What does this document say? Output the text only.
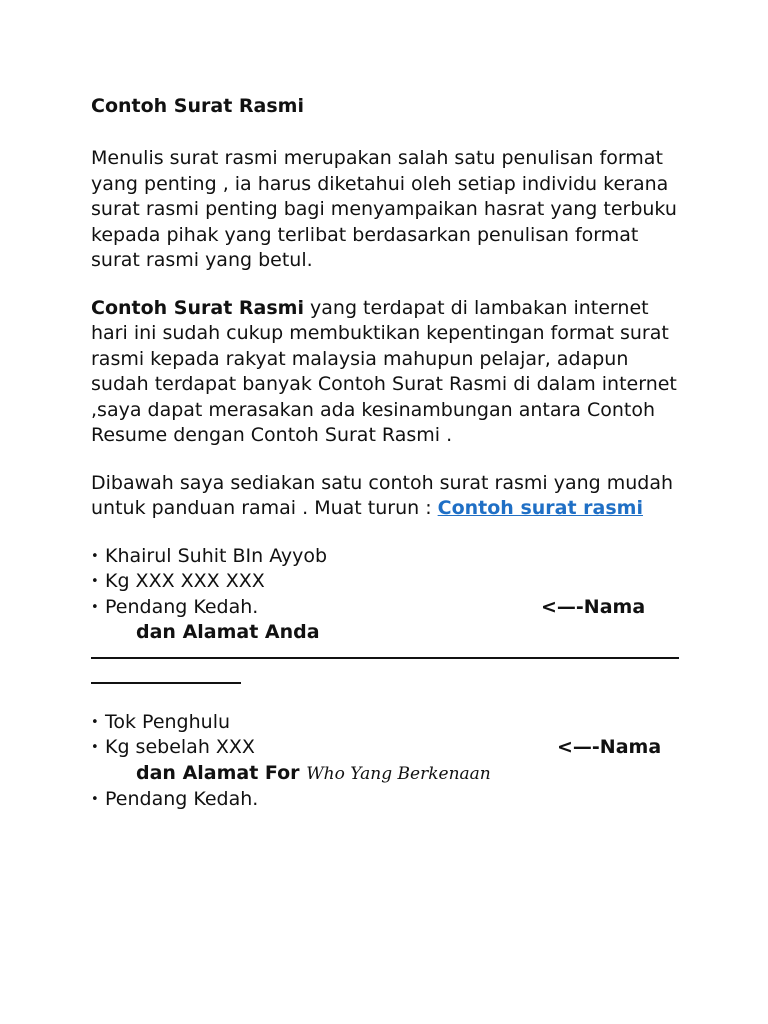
Contoh Surat Rasmi

Menulis surat rasmi merupakan salah satu penulisan format yang penting , ia harus diketahui oleh setiap individu kerana surat rasmi penting bagi menyampaikan hasrat yang terbuku kepada pihak yang terlibat berdasarkan penulisan format surat rasmi yang betul.

Contoh Surat Rasmi yang terdapat di lambakan internet hari ini sudah cukup membuktikan kepentingan format surat rasmi kepada rakyat malaysia mahupun pelajar, adapun sudah terdapat banyak Contoh Surat Rasmi di dalam internet ,saya dapat merasakan ada kesinambungan antara Contoh Resume dengan Contoh Surat Rasmi .

Dibawah saya sediakan satu contoh surat rasmi yang mudah untuk panduan ramai . Muat turun : Contoh surat rasmi

• Khairul Suhit BIn Ayyob
• Kg XXX XXX XXX
• Pendang Kedah.	<—-Nama
dan Alamat Anda
• Tok Penghulu
• Kg sebelah XXX	<—-Nama
dan Alamat For Who Yang Berkenaan
• Pendang Kedah.
